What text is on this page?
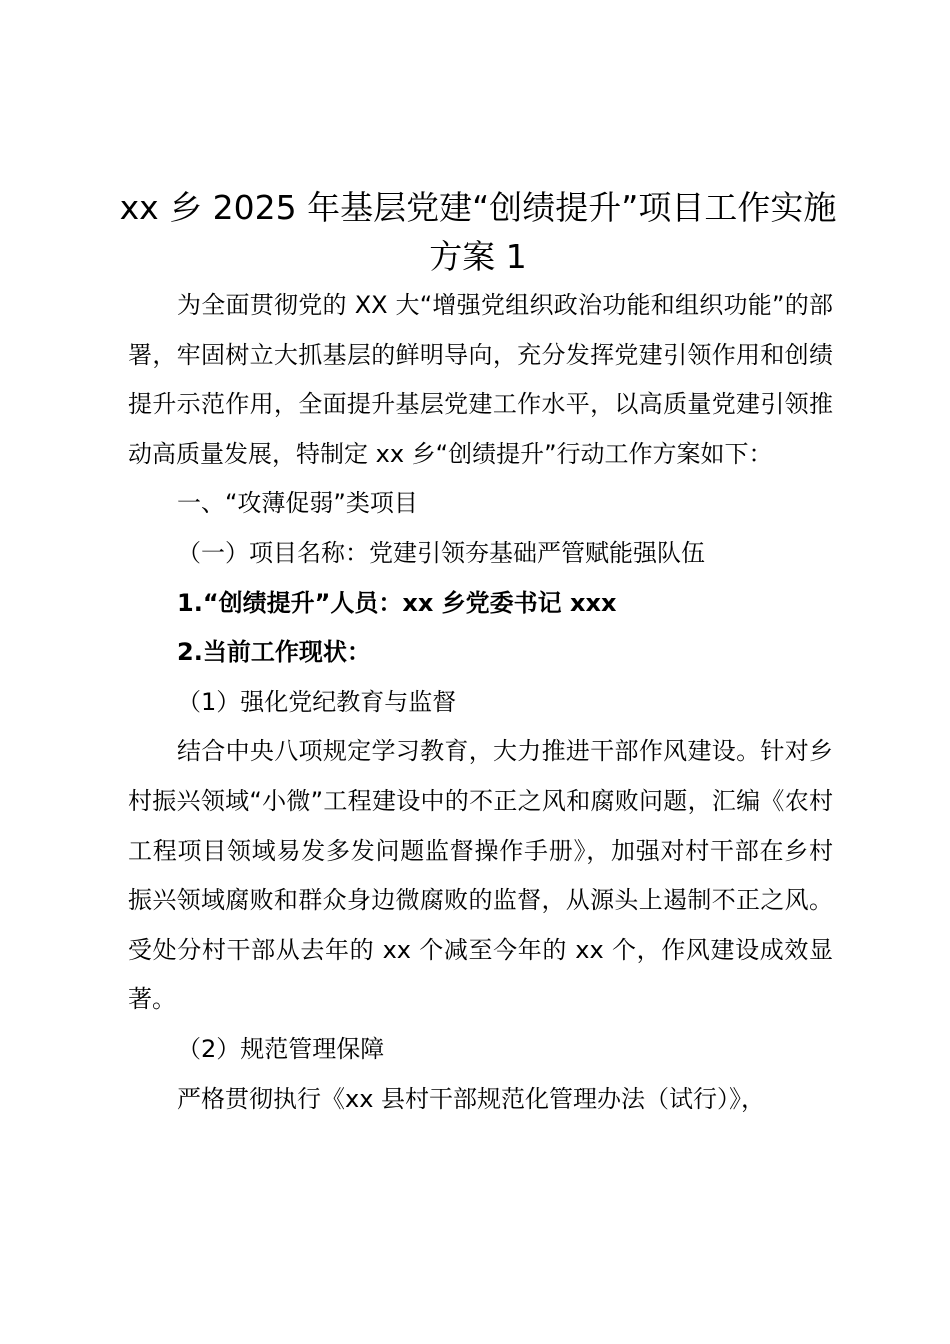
xx 乡 2025 年基层党建“创绩提升”项目工作实施方案 1

为全面贯彻党的 XX 大“增强党组织政治功能和组织功能”的部署，牢固树立大抓基层的鲜明导向，充分发挥党建引领作用和创绩提升示范作用，全面提升基层党建工作水平，以高质量党建引领推动高质量发展，特制定 xx 乡“创绩提升”行动工作方案如下：

一、“攻薄促弱”类项目

（一）项目名称：党建引领夯基础严管赋能强队伍

1.“创绩提升”人员：xx 乡党委书记 xxx

2.当前工作现状：

（1）强化党纪教育与监督

结合中央八项规定学习教育，大力推进干部作风建设。针对乡村振兴领域“小微”工程建设中的不正之风和腐败问题，汇编《农村工程项目领域易发多发问题监督操作手册》，加强对村干部在乡村振兴领域腐败和群众身边微腐败的监督，从源头上遏制不正之风。受处分村干部从去年的 xx 个减至今年的 xx 个，作风建设成效显著。

（2）规范管理保障

严格贯彻执行《xx 县村干部规范化管理办法（试行）》，
